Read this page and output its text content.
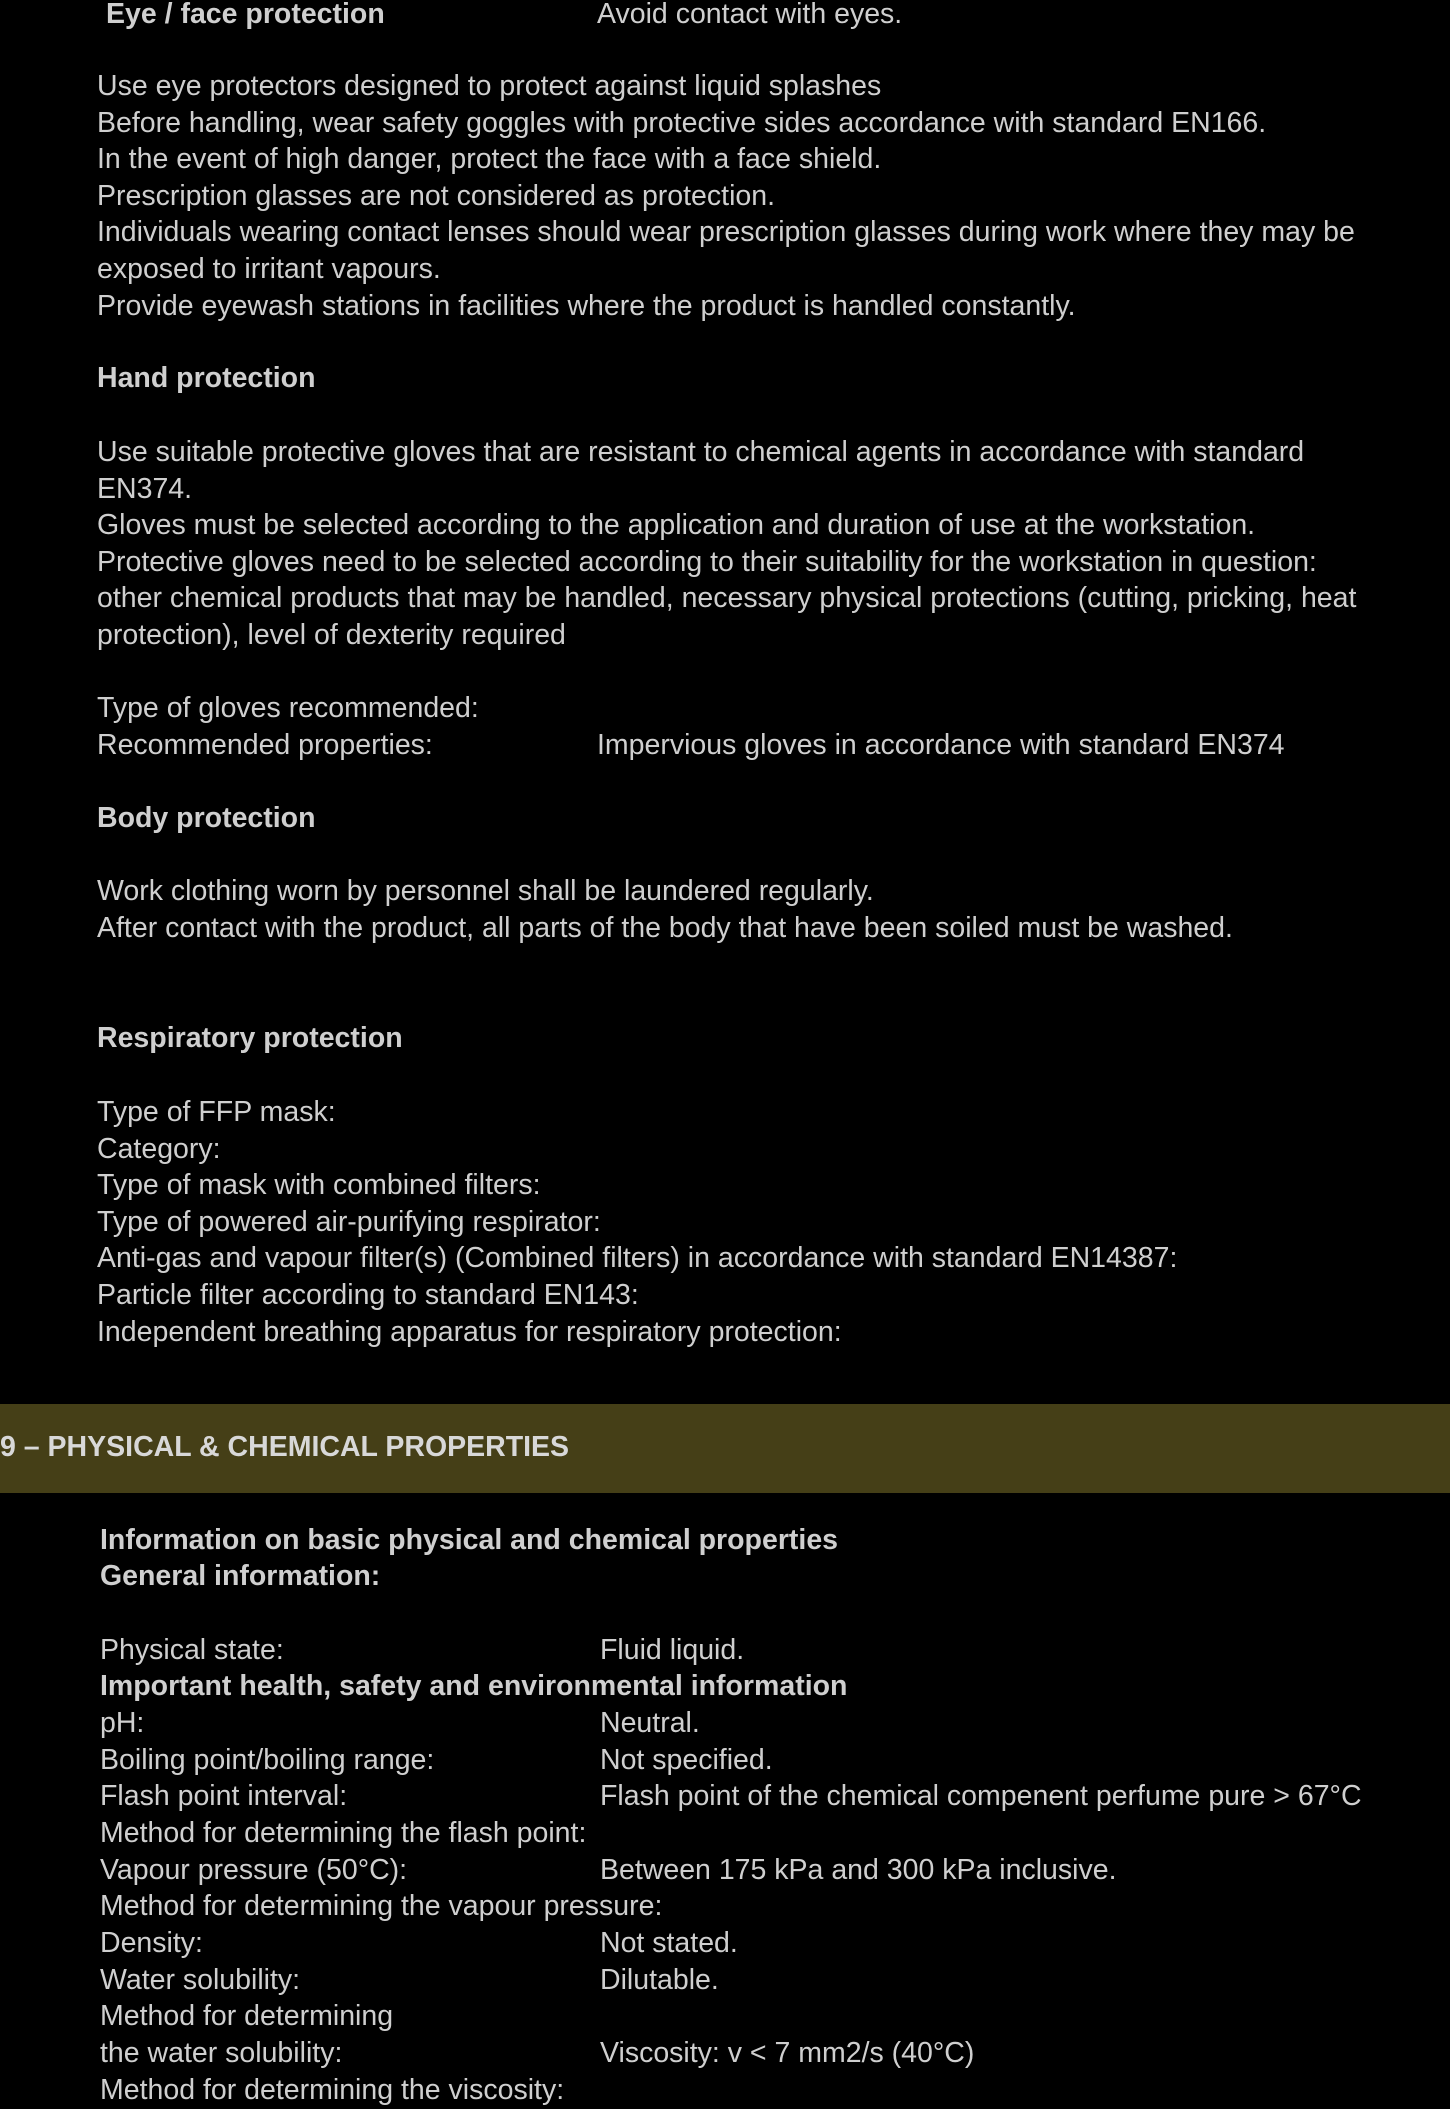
Eye / face protection	Avoid contact with eyes.

Use eye protectors designed to protect against liquid splashes

Before handling, wear safety goggles with protective sides accordance with standard EN166.

In the event of high danger, protect the face with a face shield.

Prescription glasses are not considered as protection.

Individuals wearing contact lenses should wear prescription glasses during work where they may be

exposed to irritant vapours.

Provide eyewash stations in facilities where the product is handled constantly.

Hand protection

Use suitable protective gloves that are resistant to chemical agents in accordance with standard

EN374.

Gloves must be selected according to the application and duration of use at the workstation.

Protective gloves need to be selected according to their suitability for the workstation in question:

other chemical products that may be handled, necessary physical protections (cutting, pricking, heat

protection), level of dexterity required

Type of gloves recommended:
Recommended properties:	Impervious gloves in accordance with standard EN374
Body protection

Work clothing worn by personnel shall be laundered regularly.

After contact with the product, all parts of the body that have been soiled must be washed.

Respiratory protection

Type of FFP mask:

Category:

Type of mask with combined filters:

Type of powered air-purifying respirator:

Anti-gas and vapour filter(s) (Combined filters) in accordance with standard EN14387:

Particle filter according to standard EN143:

Independent breathing apparatus for respiratory protection:

9 – PHYSICAL & CHEMICAL PROPERTIES
Information on basic physical and chemical properties
General information:
Physical state:	Fluid liquid.
Important health, safety and environmental information
pH:	Neutral.
Boiling point/boiling range:	Not specified.
Flash point interval:	Flash point of the chemical compenent perfume pure > 67°C
Method for determining the flash point:
Vapour pressure (50°C):	Between 175 kPa and 300 kPa inclusive.
Method for determining the vapour pressure:
Density:	Not stated.
Water solubility:	Dilutable.
Method for determining
the water solubility:	Viscosity: v < 7 mm2/s (40°C)
Method for determining the viscosity:
